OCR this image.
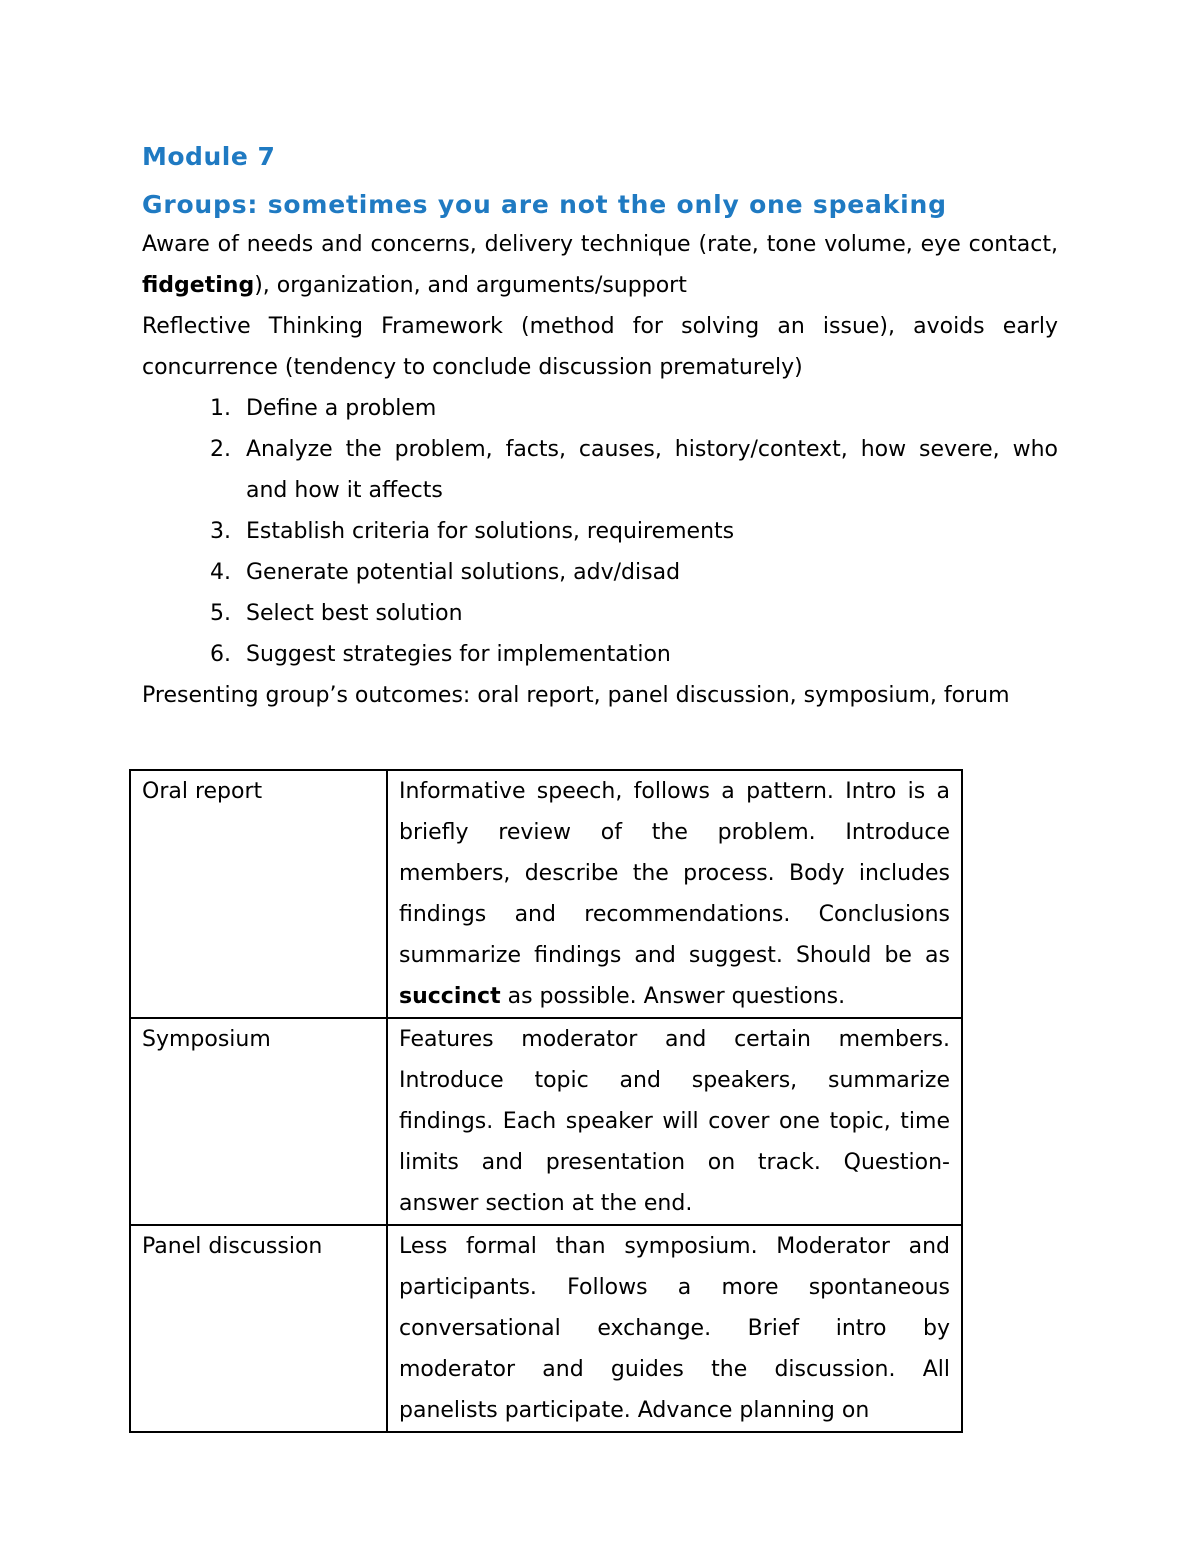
Module 7
Groups: sometimes you are not the only one speaking

Aware of needs and concerns, delivery technique (rate, tone volume, eye contact, fidgeting), organization, and arguments/support

Reflective Thinking Framework (method for solving an issue), avoids early concurrence (tendency to conclude discussion prematurely)

1. Define a problem
2. Analyze the problem, facts, causes, history/context, how severe, who and how it affects
3. Establish criteria for solutions, requirements
4. Generate potential solutions, adv/disad
5. Select best solution
6. Suggest strategies for implementation

Presenting group’s outcomes: oral report, panel discussion, symposium, forum

Oral report	Informative speech, follows a pattern. Intro is a briefly review of the problem. Introduce members, describe the process. Body includes findings and recommendations. Conclusions summarize findings and suggest. Should be as succinct as possible. Answer questions.
Symposium	Features moderator and certain members. Introduce topic and speakers, summarize findings. Each speaker will cover one topic, time limits and presentation on track. Question-answer section at the end.
Panel discussion	Less formal than symposium. Moderator and participants. Follows a more spontaneous conversational exchange. Brief intro by moderator and guides the discussion. All panelists participate. Advance planning on
